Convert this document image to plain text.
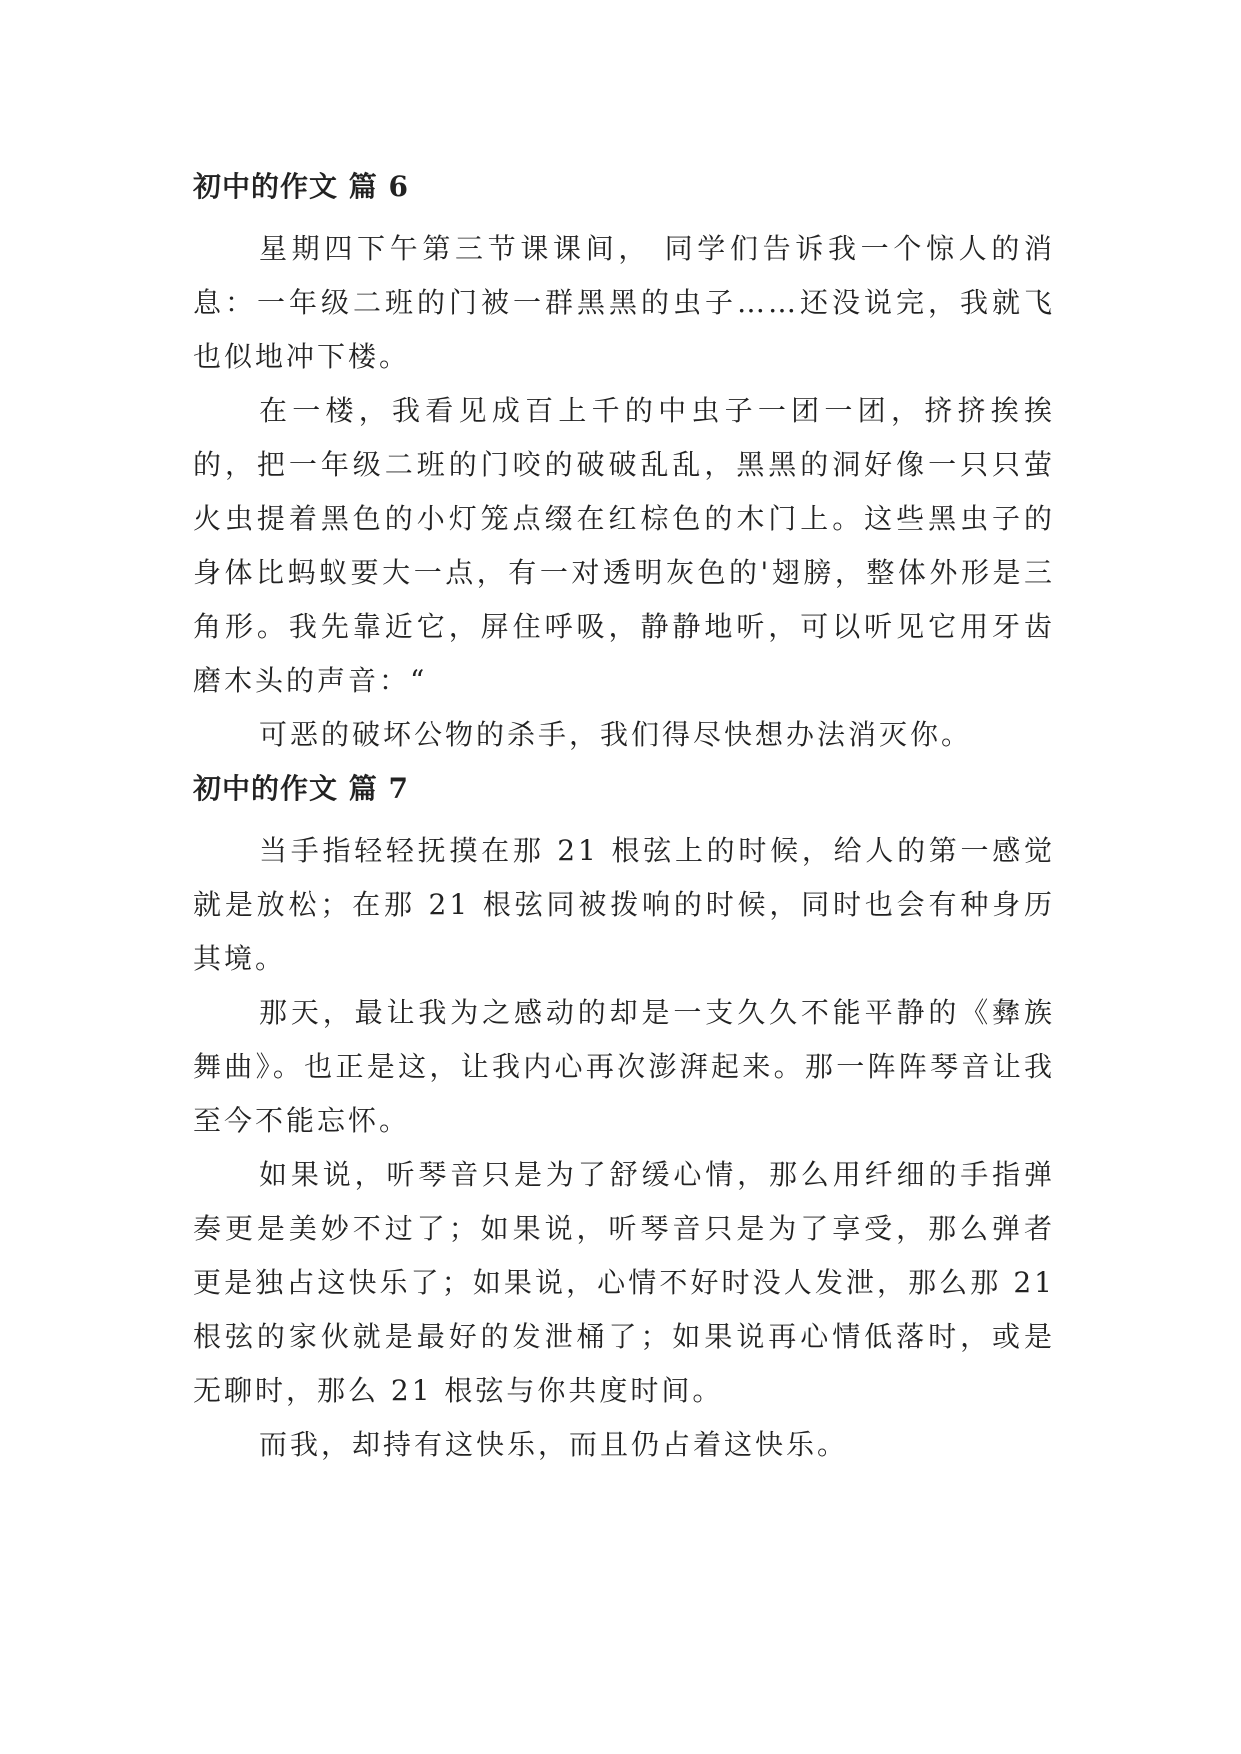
初中的作文 篇 6

星期四下午第三节课课间， 同学们告诉我一个惊人的消息：一年级二班的门被一群黑黑的虫子……还没说完，我就飞也似地冲下楼。

在一楼，我看见成百上千的中虫子一团一团，挤挤挨挨的，把一年级二班的门咬的破破乱乱，黑黑的洞好像一只只萤火虫提着黑色的小灯笼点缀在红棕色的木门上。这些黑虫子的身体比蚂蚁要大一点，有一对透明灰色的'翅膀，整体外形是三角形。我先靠近它，屏住呼吸，静静地听，可以听见它用牙齿磨木头的声音：“

可恶的破坏公物的杀手，我们得尽快想办法消灭你。

初中的作文 篇 7

当手指轻轻抚摸在那 21 根弦上的时候，给人的第一感觉就是放松；在那 21 根弦同被拨响的时候，同时也会有种身历其境。

那天，最让我为之感动的却是一支久久不能平静的《彝族舞曲》。也正是这，让我内心再次澎湃起来。那一阵阵琴音让我至今不能忘怀。

如果说，听琴音只是为了舒缓心情，那么用纤细的手指弹奏更是美妙不过了；如果说，听琴音只是为了享受，那么弹者更是独占这快乐了；如果说，心情不好时没人发泄，那么那 21 根弦的家伙就是最好的发泄桶了；如果说再心情低落时，或是无聊时，那么 21 根弦与你共度时间。

而我，却持有这快乐，而且仍占着这快乐。
